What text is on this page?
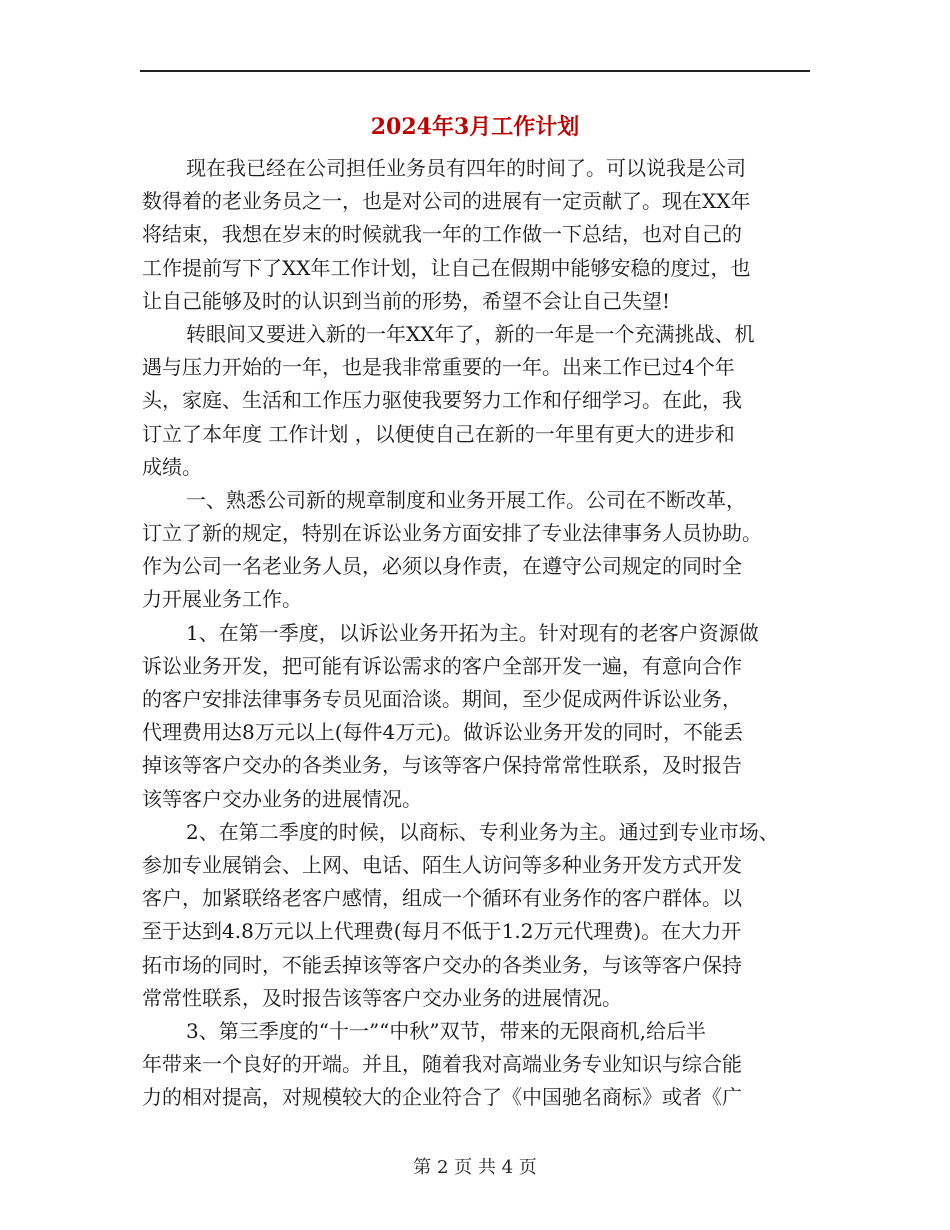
2024年3月工作计划
现在我已经在公司担任业务员有四年的时间了。可以说我是公司
数得着的老业务员之一，也是对公司的进展有一定贡献了。现在XX年
将结束，我想在岁末的时候就我一年的工作做一下总结，也对自己的
工作提前写下了XX年工作计划，让自己在假期中能够安稳的度过，也
让自己能够及时的认识到当前的形势，希望不会让自己失望!
转眼间又要进入新的一年XX年了，新的一年是一个充满挑战、机
遇与压力开始的一年，也是我非常重要的一年。出来工作已过4个年
头，家庭、生活和工作压力驱使我要努力工作和仔细学习。在此，我
订立了本年度 工作计划 ，以便使自己在新的一年里有更大的进步和
成绩。
一、熟悉公司新的规章制度和业务开展工作。公司在不断改革，
订立了新的规定，特别在诉讼业务方面安排了专业法律事务人员协助。
作为公司一名老业务人员，必须以身作责，在遵守公司规定的同时全
力开展业务工作。
1、在第一季度，以诉讼业务开拓为主。针对现有的老客户资源做
诉讼业务开发，把可能有诉讼需求的客户全部开发一遍，有意向合作
的客户安排法律事务专员见面洽谈。期间，至少促成两件诉讼业务，
代理费用达8万元以上(每件4万元)。做诉讼业务开发的同时，不能丢
掉该等客户交办的各类业务，与该等客户保持常常性联系，及时报告
该等客户交办业务的进展情况。
2、在第二季度的时候，以商标、专利业务为主。通过到专业市场、
参加专业展销会、上网、电话、陌生人访问等多种业务开发方式开发
客户，加紧联络老客户感情，组成一个循环有业务作的客户群体。以
至于达到4.8万元以上代理费(每月不低于1.2万元代理费)。在大力开
拓市场的同时，不能丢掉该等客户交办的各类业务，与该等客户保持
常常性联系，及时报告该等客户交办业务的进展情况。
3、第三季度的“十一”“中秋”双节，带来的无限商机,给后半
年带来一个良好的开端。并且，随着我对高端业务专业知识与综合能
力的相对提高，对规模较大的企业符合了《中国驰名商标》或者《广
第 2 页 共 4 页
